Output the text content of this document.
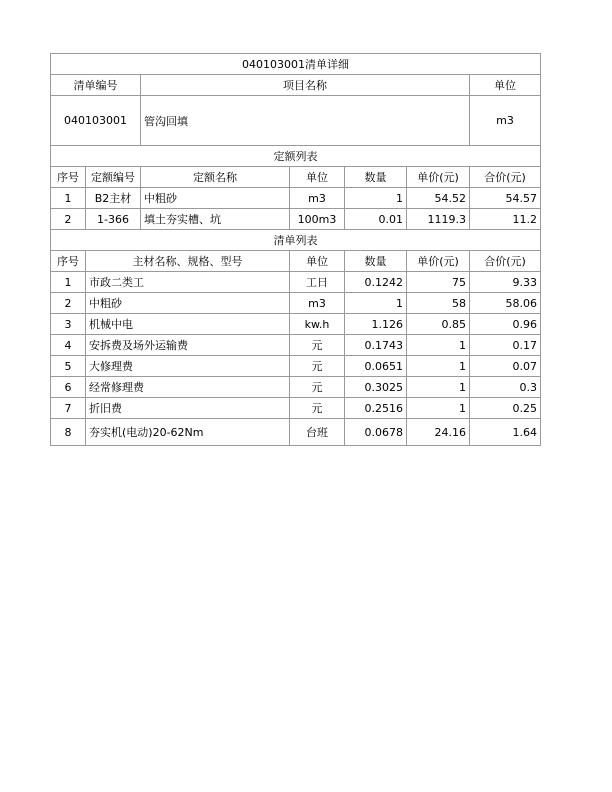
040103001清单详细			
清单编号	项目名称	单位	
040103001	管沟回填	m3	
定额列表						
序号	定额编号	定额名称	单位	数量	单价(元)	合价(元)
1	B2主材	中粗砂	m3	1	54.52	54.57
2	1-366	填土夯实槽、坑	100m3	0.01	1119.3	11.2
清单列表					
序号	主材名称、规格、型号	单位	数量	单价(元)	合价(元)
1	市政二类工	工日	0.1242	75	9.33
2	中粗砂	m3	1	58	58.06
3	机械中电	kw.h	1.126	0.85	0.96
4	安拆费及场外运输费	元	0.1743	1	0.17
5	大修理费	元	0.0651	1	0.07
6	经常修理费	元	0.3025	1	0.3
7	折旧费	元	0.2516	1	0.25
8	夯实机(电动)20-62Nm	台班	0.0678	24.16	1.64
